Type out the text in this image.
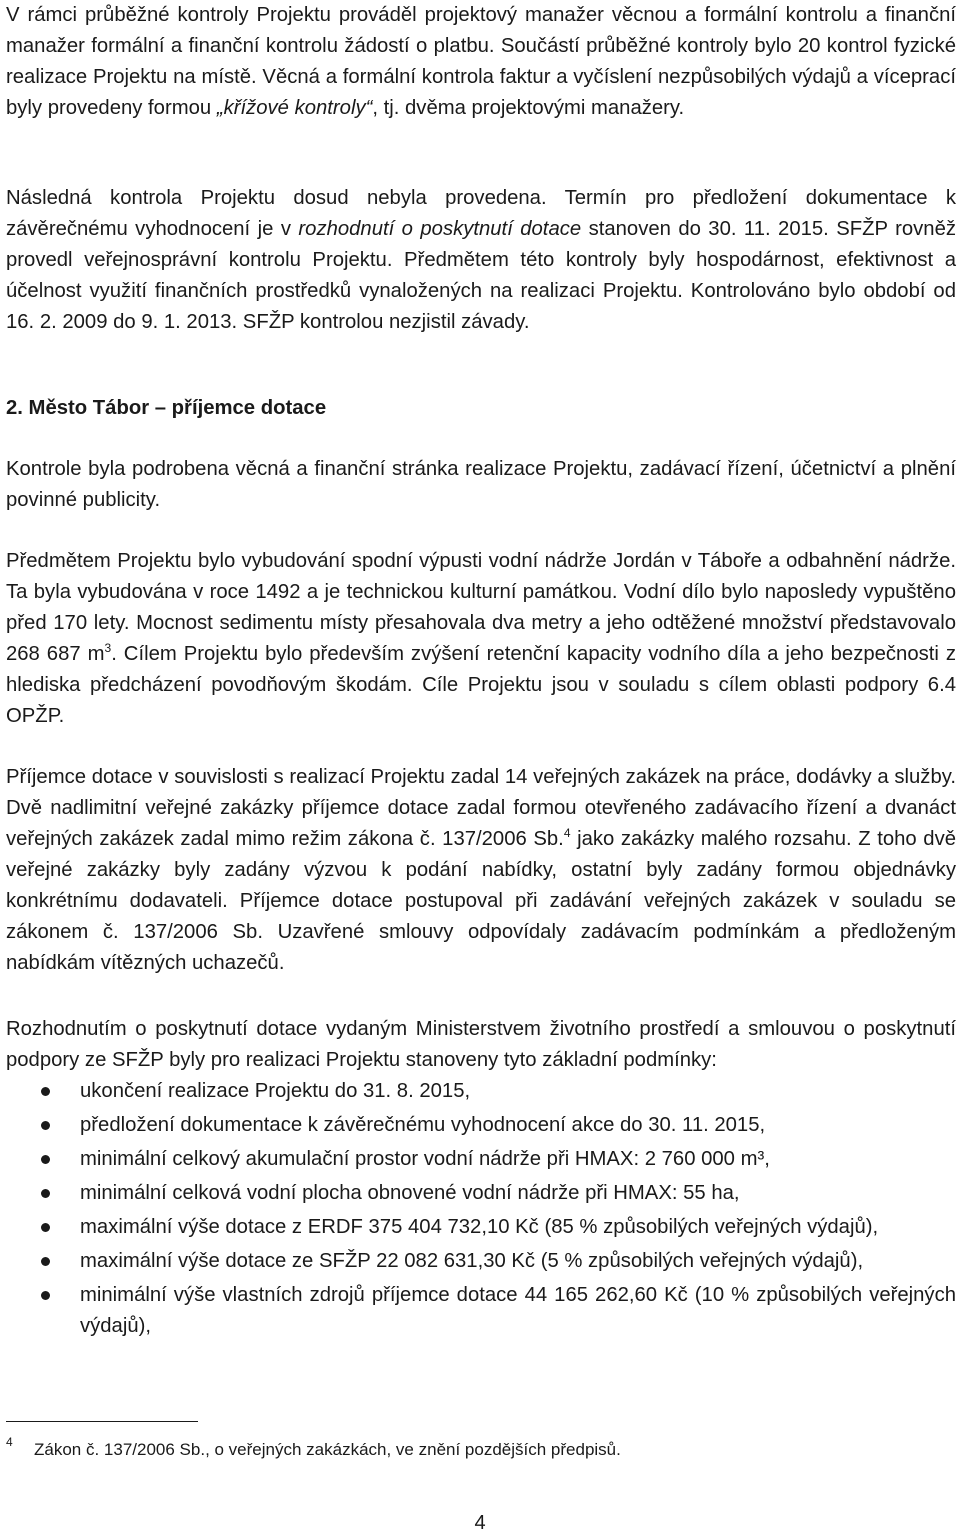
V rámci průběžné kontroly Projektu prováděl projektový manažer věcnou a formální kontrolu a finanční manažer formální a finanční kontrolu žádostí o platbu. Součástí průběžné kontroly bylo 20 kontrol fyzické realizace Projektu na místě. Věcná a formální kontrola faktur a vyčíslení nezpůsobilých výdajů a víceprací byly provedeny formou „křížové kontroly“, tj. dvěma projektovými manažery.

Následná kontrola Projektu dosud nebyla provedena. Termín pro předložení dokumentace k závěrečnému vyhodnocení je v rozhodnutí o poskytnutí dotace stanoven do 30. 11. 2015. SFŽP rovněž provedl veřejnosprávní kontrolu Projektu. Předmětem této kontroly byly hospodárnost, efektivnost a účelnost využití finančních prostředků vynaložených na realizaci Projektu. Kontrolováno bylo období od 16. 2. 2009 do 9. 1. 2013. SFŽP kontrolou nezjistil závady.

2. Město Tábor – příjemce dotace

Kontrole byla podrobena věcná a finanční stránka realizace Projektu, zadávací řízení, účetnictví a plnění povinné publicity.

Předmětem Projektu bylo vybudování spodní výpusti vodní nádrže Jordán v Táboře a odbahnění nádrže. Ta byla vybudována v roce 1492 a je technickou kulturní památkou. Vodní dílo bylo naposledy vypuštěno před 170 lety. Mocnost sedimentu místy přesahovala dva metry a jeho odtěžené množství představovalo 268 687 $m^3$. Cílem Projektu bylo především zvýšení retenční kapacity vodního díla a jeho bezpečnosti z hlediska předcházení povodňovým škodám. Cíle Projektu jsou v souladu s cílem oblasti podpory 6.4 OPŽP.

Příjemce dotace v souvislosti s realizací Projektu zadal 14 veřejných zakázek na práce, dodávky a služby. Dvě nadlimitní veřejné zakázky příjemce dotace zadal formou otevřeného zadávacího řízení a dvanáct veřejných zakázek zadal mimo režim zákona č. 137/2006 Sb.$^4$ jako zakázky malého rozsahu. Z toho dvě veřejné zakázky byly zadány výzvou k podání nabídky, ostatní byly zadány formou objednávky konkrétnímu dodavateli. Příjemce dotace postupoval při zadávání veřejných zakázek v souladu se zákonem č. 137/2006 Sb. Uzavřené smlouvy odpovídaly zadávacím podmínkám a předloženým nabídkám vítězných uchazečů.

Rozhodnutím o poskytnutí dotace vydaným Ministerstvem životního prostředí a smlouvou o poskytnutí podpory ze SFŽP byly pro realizaci Projektu stanoveny tyto základní podmínky:

ukončení realizace Projektu do 31. 8. 2015,
předložení dokumentace k závěrečnému vyhodnocení akce do 30. 11. 2015,
minimální celkový akumulační prostor vodní nádrže při HMAX: 2 760 000 m³,
minimální celková vodní plocha obnovené vodní nádrže při HMAX: 55 ha,
maximální výše dotace z ERDF 375 404 732,10 Kč (85 % způsobilých veřejných výdajů),
maximální výše dotace ze SFŽP 22 082 631,30 Kč (5 % způsobilých veřejných výdajů),
minimální výše vlastních zdrojů příjemce dotace 44 165 262,60 Kč (10 % způsobilých veřejných výdajů),
4 Zákon č. 137/2006 Sb., o veřejných zakázkách, ve znění pozdějších předpisů.
4
